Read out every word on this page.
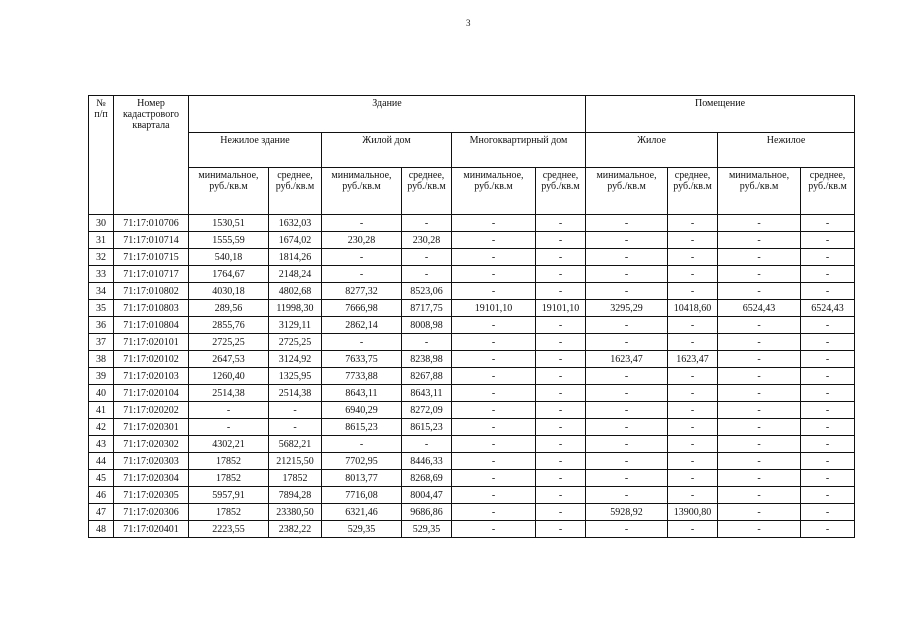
3
№ п/п	Номер кадастрового квартала	Здание						Помещение			
		Нежилое здание		Жилой дом		Многоквартирный дом		Жилое		Нежилое	
		минимальное, руб./кв.м	среднее, руб./кв.м	минимальное, руб./кв.м	среднее, руб./кв.м	минимальное, руб./кв.м	среднее, руб./кв.м	минимальное, руб./кв.м	среднее, руб./кв.м	минимальное, руб./кв.м	среднее, руб./кв.м
30	71:17:010706	1530,51	1632,03	-	-	-	-	-	-	-	-
31	71:17:010714	1555,59	1674,02	230,28	230,28	-	-	-	-	-	-
32	71:17:010715	540,18	1814,26	-	-	-	-	-	-	-	-
33	71:17:010717	1764,67	2148,24	-	-	-	-	-	-	-	-
34	71:17:010802	4030,18	4802,68	8277,32	8523,06	-	-	-	-	-	-
35	71:17:010803	289,56	11998,30	7666,98	8717,75	19101,10	19101,10	3295,29	10418,60	6524,43	6524,43
36	71:17:010804	2855,76	3129,11	2862,14	8008,98	-	-	-	-	-	-
37	71:17:020101	2725,25	2725,25	-	-	-	-	-	-	-	-
38	71:17:020102	2647,53	3124,92	7633,75	8238,98	-	-	1623,47	1623,47	-	-
39	71:17:020103	1260,40	1325,95	7733,88	8267,88	-	-	-	-	-	-
40	71:17:020104	2514,38	2514,38	8643,11	8643,11	-	-	-	-	-	-
41	71:17:020202	-	-	6940,29	8272,09	-	-	-	-	-	-
42	71:17:020301	-	-	8615,23	8615,23	-	-	-	-	-	-
43	71:17:020302	4302,21	5682,21	-	-	-	-	-	-	-	-
44	71:17:020303	17852	21215,50	7702,95	8446,33	-	-	-	-	-	-
45	71:17:020304	17852	17852	8013,77	8268,69	-	-	-	-	-	-
46	71:17:020305	5957,91	7894,28	7716,08	8004,47	-	-	-	-	-	-
47	71:17:020306	17852	23380,50	6321,46	9686,86	-	-	5928,92	13900,80	-	-
48	71:17:020401	2223,55	2382,22	529,35	529,35	-	-	-	-	-	-
